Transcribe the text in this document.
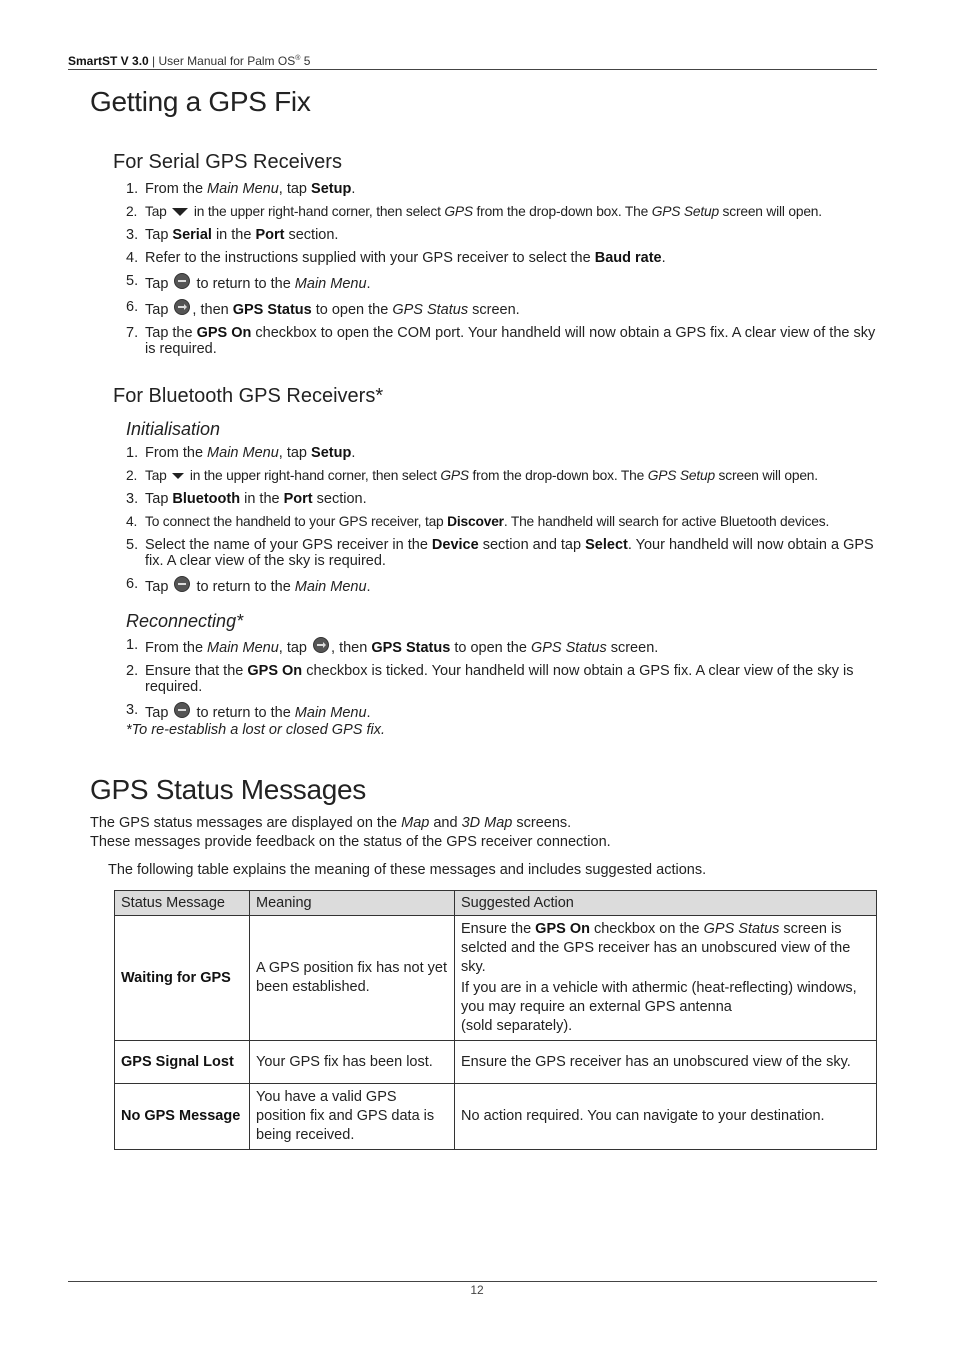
SmartST V 3.0 | User Manual for Palm OS® 5
Getting a GPS Fix
For Serial GPS Receivers
1. From the Main Menu, tap Setup.
2. Tap  in the upper right-hand corner, then select GPS from the drop-down box. The GPS Setup screen will open.
3. Tap Serial in the Port section.
4. Refer to the instructions supplied with your GPS receiver to select the Baud rate.
5. Tap  to return to the Main Menu.
6. Tap , then GPS Status to open the GPS Status screen.
7. Tap the GPS On checkbox to open the COM port. Your handheld will now obtain a GPS fix. A clear view of the sky is required.
For Bluetooth GPS Receivers*
Initialisation
1. From the Main Menu, tap Setup.
2. Tap  in the upper right-hand corner, then select GPS from the drop-down box. The GPS Setup screen will open.
3. Tap Bluetooth in the Port section.
4. To connect the handheld to your GPS receiver, tap Discover. The handheld will search for active Bluetooth devices.
5. Select the name of your GPS receiver in the Device section and tap Select. Your handheld will now obtain a GPS fix. A clear view of the sky is required.
6. Tap  to return to the Main Menu.
Reconnecting*
1. From the Main Menu, tap , then GPS Status to open the GPS Status screen.
2. Ensure that the GPS On checkbox is ticked. Your handheld will now obtain a GPS fix. A clear view of the sky is required.
3. Tap  to return to the Main Menu.
*To re-establish a lost or closed GPS fix.
GPS Status Messages
The GPS status messages are displayed on the Map and 3D Map screens.
These messages provide feedback on the status of the GPS receiver connection.
The following table explains the meaning of these messages and includes suggested actions.
Status Message	Meaning	Suggested Action
Waiting for GPS	A GPS position fix has not yet been established.	Ensure the GPS On checkbox on the GPS Status screen is selcted and the GPS receiver has an unobscured view of the sky.

If you are in a vehicle with athermic (heat-reflecting) windows, you may require an external GPS antenna
(sold separately).

GPS Signal Lost	Your GPS fix has been lost.	Ensure the GPS receiver has an unobscured view of the sky.
No GPS Message	You have a valid GPS position fix and GPS data is being received.	No action required. You can navigate to your destination.
12
